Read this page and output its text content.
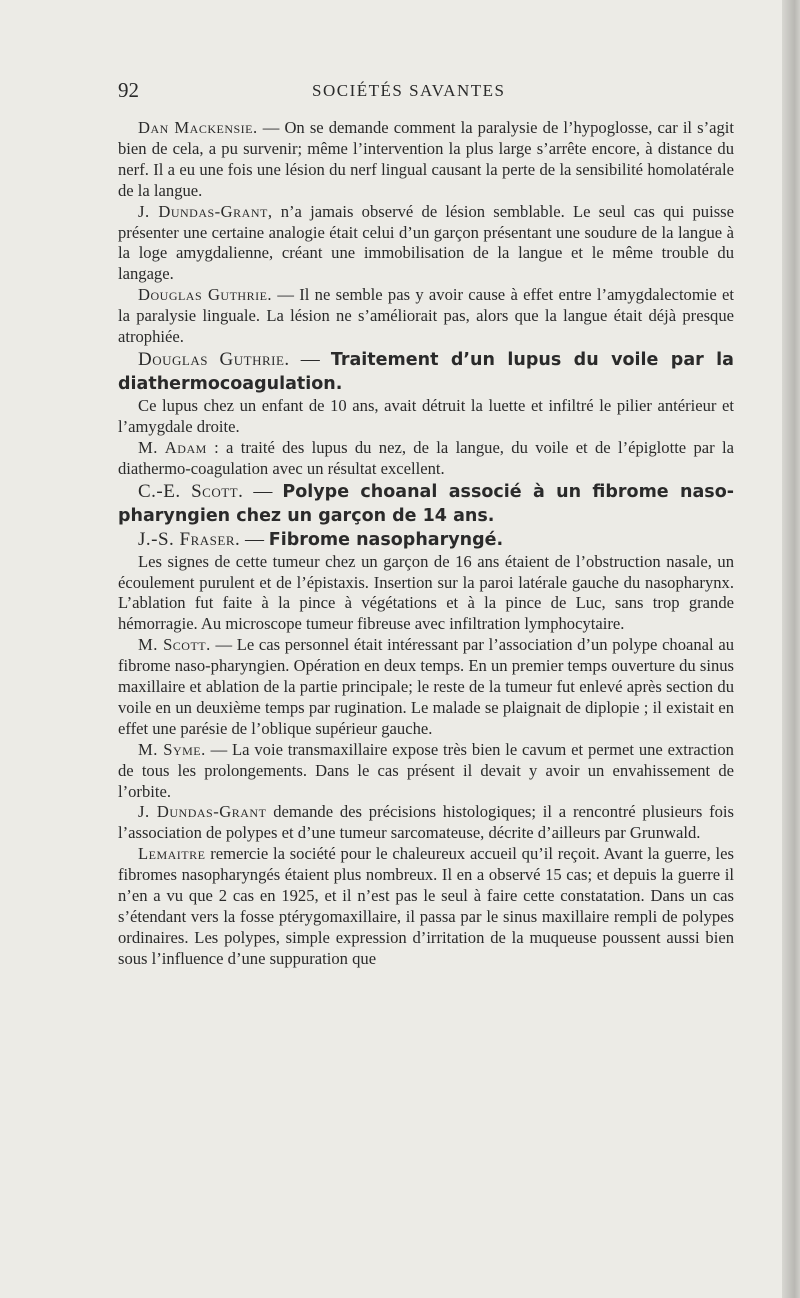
92	SOCIÉTÉS SAVANTES

Dan Mackensie. — On se demande comment la paralysie de l’hypoglosse, car il s’agit bien de cela, a pu survenir; même l’intervention la plus large s’arrête encore, à distance du nerf. Il a eu une fois une lésion du nerf lingual causant la perte de la sensibilité homolatérale de la langue.

J. Dundas-Grant, n’a jamais observé de lésion semblable. Le seul cas qui puisse présenter une certaine analogie était celui d’un garçon présentant une soudure de la langue à la loge amygdalienne, créant une immobilisation de la langue et le même trouble du langage.

Douglas Guthrie. — Il ne semble pas y avoir cause à effet entre l’amygdalectomie et la paralysie linguale. La lésion ne s’améliorait pas, alors que la langue était déjà presque atrophiée.

Douglas Guthrie. — Traitement d’un lupus du voile par la diathermocoagulation.

Ce lupus chez un enfant de 10 ans, avait détruit la luette et infiltré le pilier antérieur et l’amygdale droite.

M. Adam : a traité des lupus du nez, de la langue, du voile et de l’épiglotte par la diathermo-coagulation avec un résultat excellent.

C.-E. Scott. — Polype choanal associé à un fibrome naso-pharyngien chez un garçon de 14 ans.

J.-S. Fraser. — Fibrome nasopharyngé.

Les signes de cette tumeur chez un garçon de 16 ans étaient de l’obstruction nasale, un écoulement purulent et de l’épistaxis. Insertion sur la paroi latérale gauche du nasopharynx. L’ablation fut faite à la pince à végétations et à la pince de Luc, sans trop grande hémorragie. Au microscope tumeur fibreuse avec infiltration lymphocytaire.

M. Scott. — Le cas personnel était intéressant par l’association d’un polype choanal au fibrome naso-pharyngien. Opération en deux temps. En un premier temps ouverture du sinus maxillaire et ablation de la partie principale; le reste de la tumeur fut enlevé après section du voile en un deuxième temps par rugination. Le malade se plaignait de diplopie ; il existait en effet une parésie de l’oblique supérieur gauche.

M. Syme. — La voie transmaxillaire expose très bien le cavum et permet une extraction de tous les prolongements. Dans le cas présent il devait y avoir un envahissement de l’orbite.

J. Dundas-Grant demande des précisions histologiques; il a rencontré plusieurs fois l’association de polypes et d’une tumeur sarcomateuse, décrite d’ailleurs par Grunwald.

Lemaitre remercie la société pour le chaleureux accueil qu’il reçoit. Avant la guerre, les fibromes nasopharyngés étaient plus nombreux. Il en a observé 15 cas; et depuis la guerre il n’en a vu que 2 cas en 1925, et il n’est pas le seul à faire cette constatation. Dans un cas s’étendant vers la fosse ptérygomaxillaire, il passa par le sinus maxillaire rempli de polypes ordinaires. Les polypes, simple expression d’irritation de la muqueuse poussent aussi bien sous l’influence d’une suppuration que
